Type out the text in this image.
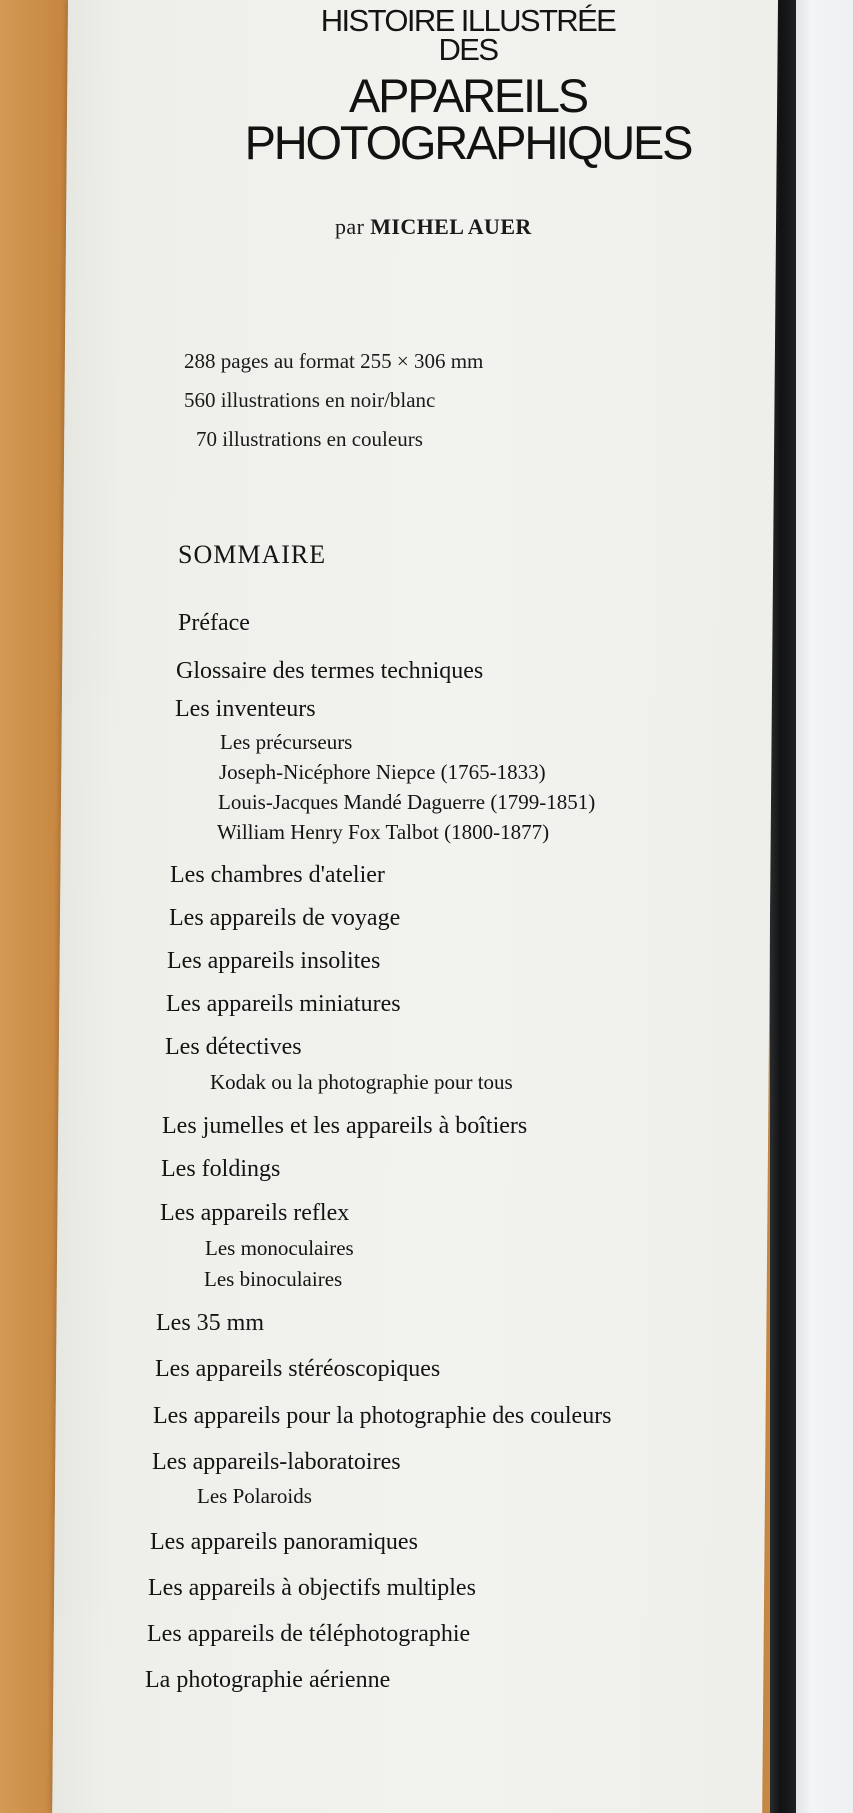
HISTOIRE ILLUSTRÉE
DES
APPAREILS
PHOTOGRAPHIQUES
par MICHEL AUER
288 pages au format 255 × 306 mm
560 illustrations en noir/blanc
70 illustrations en couleurs
SOMMAIRE
Préface
Glossaire des termes techniques
Les inventeurs
Les précurseurs
Joseph-Nicéphore Niepce (1765-1833)
Louis-Jacques Mandé Daguerre (1799-1851)
William Henry Fox Talbot (1800-1877)
Les chambres d'atelier
Les appareils de voyage
Les appareils insolites
Les appareils miniatures
Les détectives
Kodak ou la photographie pour tous
Les jumelles et les appareils à boîtiers
Les foldings
Les appareils reflex
Les monoculaires
Les binoculaires
Les 35 mm
Les appareils stéréoscopiques
Les appareils pour la photographie des couleurs
Les appareils-laboratoires
Les Polaroids
Les appareils panoramiques
Les appareils à objectifs multiples
Les appareils de téléphotographie
La photographie aérienne
